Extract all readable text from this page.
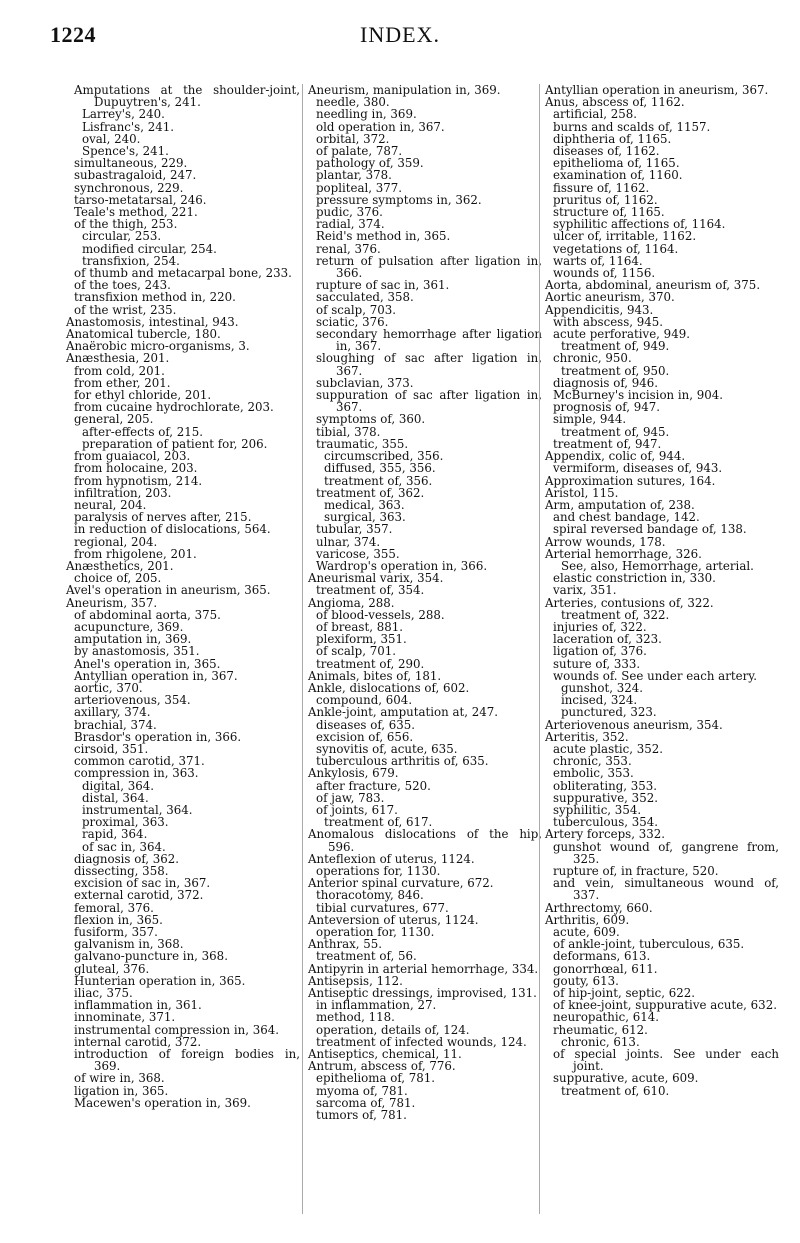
1224	INDEX.

Amputations at the shoulder-joint, Dupuytren's, 241.

Larrey's, 240.

Lisfranc's, 241.

oval, 240.

Spence's, 241.

simultaneous, 229.

subastragaloid, 247.

synchronous, 229.

tarso-metatarsal, 246.

Teale's method, 221.

of the thigh, 253.

circular, 253.

modified circular, 254.

transfixion, 254.

of thumb and metacarpal bone, 233.

of the toes, 243.

transfixion method in, 220.

of the wrist, 235.

Anastomosis, intestinal, 943.

Anatomical tubercle, 180.

Anaërobic micro-organisms, 3.

Anæsthesia, 201.

from cold, 201.

from ether, 201.

for ethyl chloride, 201.

from cucaine hydrochlorate, 203.

general, 205.

after-effects of, 215.

preparation of patient for, 206.

from guaiacol, 203.

from holocaine, 203.

from hypnotism, 214.

infiltration, 203.

neural, 204.

paralysis of nerves after, 215.

in reduction of dislocations, 564.

regional, 204.

from rhigolene, 201.

Anæsthetics, 201.

choice of, 205.

Avel's operation in aneurism, 365.

Aneurism, 357.

of abdominal aorta, 375.

acupuncture, 369.

amputation in, 369.

by anastomosis, 351.

Anel's operation in, 365.

Antyllian operation in, 367.

aortic, 370.

arteriovenous, 354.

axillary, 374.

brachial, 374.

Brasdor's operation in, 366.

cirsoid, 351.

common carotid, 371.

compression in, 363.

digital, 364.

distal, 364.

instrumental, 364.

proximal, 363.

rapid, 364.

of sac in, 364.

diagnosis of, 362.

dissecting, 358.

excision of sac in, 367.

external carotid, 372.

femoral, 376.

flexion in, 365.

fusiform, 357.

galvanism in, 368.

galvano-puncture in, 368.

gluteal, 376.

Hunterian operation in, 365.

iliac, 375.

inflammation in, 361.

innominate, 371.

instrumental compression in, 364.

internal carotid, 372.

introduction of foreign bodies in, 369.

of wire in, 368.

ligation in, 365.

Macewen's operation in, 369.

Aneurism, manipulation in, 369.

needle, 380.

needling in, 369.

old operation in, 367.

orbital, 372.

of palate, 787.

pathology of, 359.

plantar, 378.

popliteal, 377.

pressure symptoms in, 362.

pudic, 376.

radial, 374.

Reid's method in, 365.

renal, 376.

return of pulsation after ligation in, 366.

rupture of sac in, 361.

sacculated, 358.

of scalp, 703.

sciatic, 376.

secondary hemorrhage after ligation in, 367.

sloughing of sac after ligation in, 367.

subclavian, 373.

suppuration of sac after ligation in, 367.

symptoms of, 360.

tibial, 378.

traumatic, 355.

circumscribed, 356.

diffused, 355, 356.

treatment of, 356.

treatment of, 362.

medical, 363.

surgical, 363.

tubular, 357.

ulnar, 374.

varicose, 355.

Wardrop's operation in, 366.

Aneurismal varix, 354.

treatment of, 354.

Angioma, 288.

of blood-vessels, 288.

of breast, 881.

plexiform, 351.

of scalp, 701.

treatment of, 290.

Animals, bites of, 181.

Ankle, dislocations of, 602.

compound, 604.

Ankle-joint, amputation at, 247.

diseases of, 635.

excision of, 656.

synovitis of, acute, 635.

tuberculous arthritis of, 635.

Ankylosis, 679.

after fracture, 520.

of jaw, 783.

of joints, 617.

treatment of, 617.

Anomalous dislocations of the hip, 596.

Anteflexion of uterus, 1124.

operations for, 1130.

Anterior spinal curvature, 672.

thoracotomy, 846.

tibial curvatures, 677.

Anteversion of uterus, 1124.

operation for, 1130.

Anthrax, 55.

treatment of, 56.

Antipyrin in arterial hemorrhage, 334.

Antisepsis, 112.

Antiseptic dressings, improvised, 131.

in inflammation, 27.

method, 118.

operation, details of, 124.

treatment of infected wounds, 124.

Antiseptics, chemical, 11.

Antrum, abscess of, 776.

epithelioma of, 781.

myoma of, 781.

sarcoma of, 781.

tumors of, 781.

Antyllian operation in aneurism, 367.

Anus, abscess of, 1162.

artificial, 258.

burns and scalds of, 1157.

diphtheria of, 1165.

diseases of, 1162.

epithelioma of, 1165.

examination of, 1160.

fissure of, 1162.

pruritus of, 1162.

structure of, 1165.

syphilitic affections of, 1164.

ulcer of, irritable, 1162.

vegetations of, 1164.

warts of, 1164.

wounds of, 1156.

Aorta, abdominal, aneurism of, 375.

Aortic aneurism, 370.

Appendicitis, 943.

with abscess, 945.

acute perforative, 949.

treatment of, 949.

chronic, 950.

treatment of, 950.

diagnosis of, 946.

McBurney's incision in, 904.

prognosis of, 947.

simple, 944.

treatment of, 945.

treatment of, 947.

Appendix, colic of, 944.

vermiform, diseases of, 943.

Approximation sutures, 164.

Aristol, 115.

Arm, amputation of, 238.

and chest bandage, 142.

spiral reversed bandage of, 138.

Arrow wounds, 178.

Arterial hemorrhage, 326.

See, also, Hemorrhage, arterial.

elastic constriction in, 330.

varix, 351.

Arteries, contusions of, 322.

treatment of, 322.

injuries of, 322.

laceration of, 323.

ligation of, 376.

suture of, 333.

wounds of. See under each artery.

gunshot, 324.

incised, 324.

punctured, 323.

Arteriovenous aneurism, 354.

Arteritis, 352.

acute plastic, 352.

chronic, 353.

embolic, 353.

obliterating, 353.

suppurative, 352.

syphilitic, 354.

tuberculous, 354.

Artery forceps, 332.

gunshot wound of, gangrene from, 325.

rupture of, in fracture, 520.

and vein, simultaneous wound of, 337.

Arthrectomy, 660.

Arthritis, 609.

acute, 609.

of ankle-joint, tuberculous, 635.

deformans, 613.

gonorrhœal, 611.

gouty, 613.

of hip-joint, septic, 622.

of knee-joint, suppurative acute, 632.

neuropathic, 614.

rheumatic, 612.

chronic, 613.

of special joints. See under each joint.

suppurative, acute, 609.

treatment of, 610.
